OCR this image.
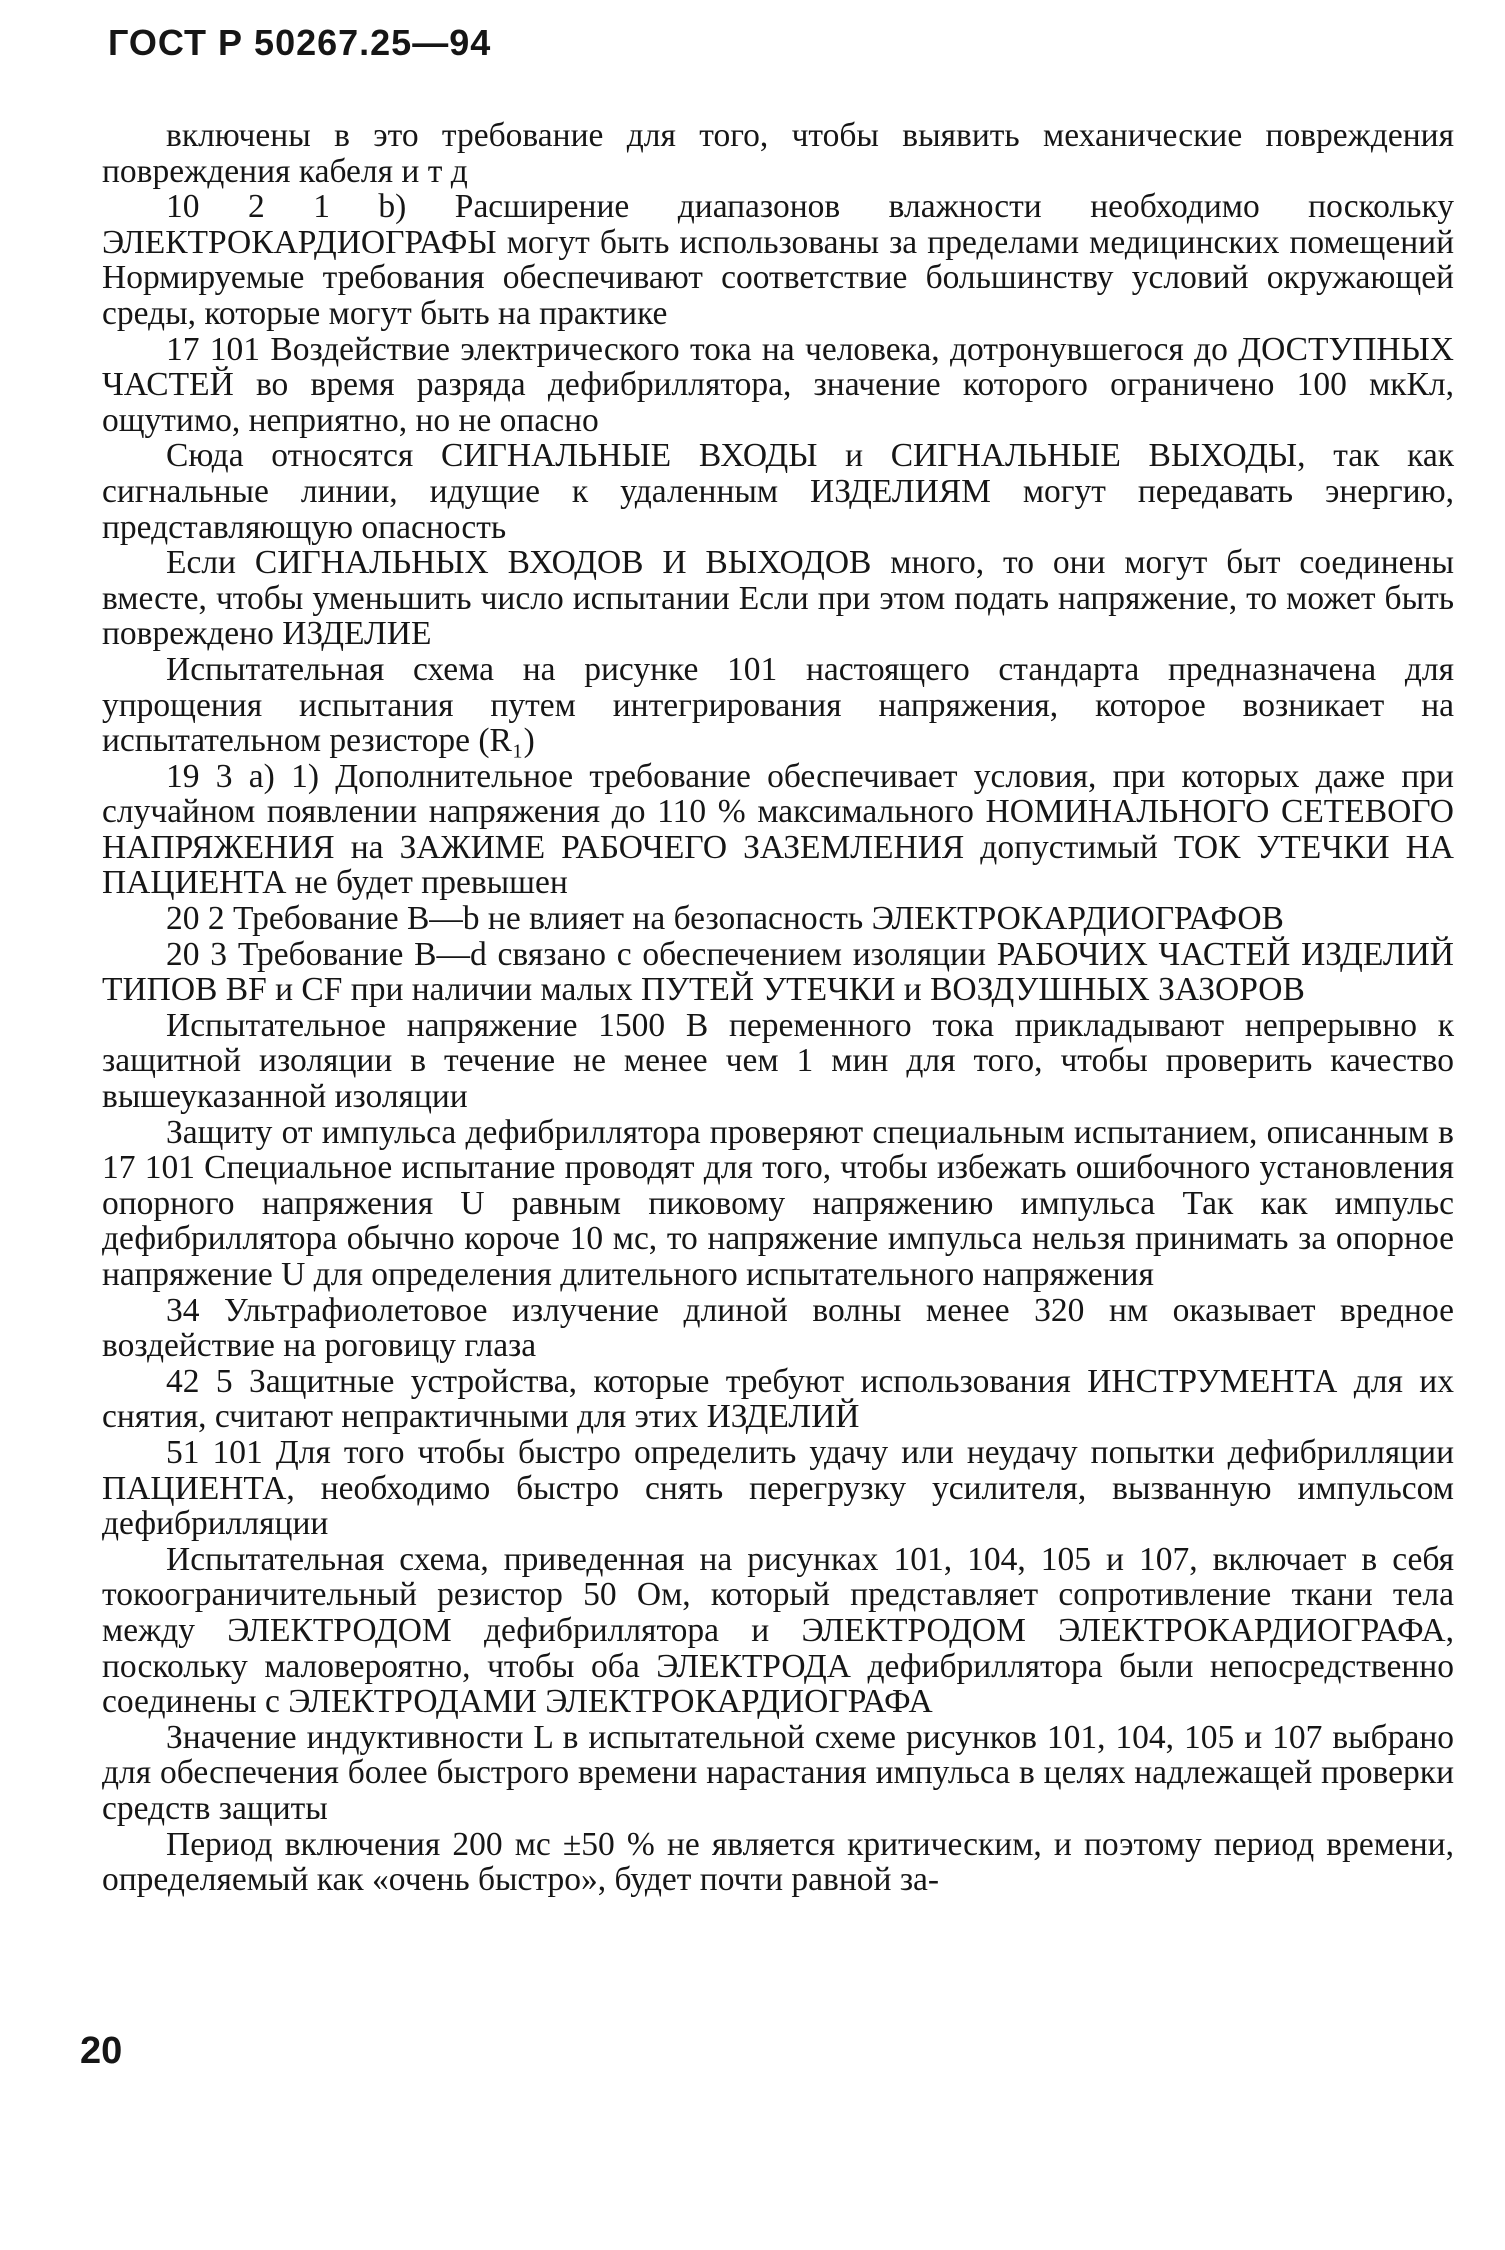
ГОСТ Р 50267.25—94

включены в это требование для того, чтобы выявить механические повреждения повреждения кабеля и т д

10 2 1 b) Расширение диапазонов влажности необходимо поскольку ЭЛЕКТРОКАРДИОГРАФЫ могут быть использованы за пределами медицинских помещений Нормируемые требования обеспечивают соответствие большинству условий окружающей среды, которые могут быть на практике

17 101 Воздействие электрического тока на человека, дотронувшегося до ДОСТУПНЫХ ЧАСТЕЙ во время разряда дефибриллятора, значение которого ограничено 100 мкКл, ощутимо, неприятно, но не опасно

Сюда относятся СИГНАЛЬНЫЕ ВХОДЫ и СИГНАЛЬНЫЕ ВЫХОДЫ, так как сигнальные линии, идущие к удаленным ИЗДЕЛИЯМ могут передавать энергию, представляющую опасность

Если СИГНАЛЬНЫХ ВХОДОВ И ВЫХОДОВ много, то они могут быт соединены вместе, чтобы уменьшить число испытании Если при этом подать напряжение, то может быть повреждено ИЗДЕЛИЕ

Испытательная схема на рисунке 101 настоящего стандарта предназначена для упрощения испытания путем интегрирования напряжения, которое возникает на испытательном резисторе (R₁)

19 3 а) 1) Дополнительное требование обеспечивает условия, при которых даже при случайном появлении напряжения до 110 % максимального НОМИНАЛЬНОГО СЕТЕВОГО НАПРЯЖЕНИЯ на ЗАЖИМЕ РАБОЧЕГО ЗАЗЕМЛЕНИЯ допустимый ТОК УТЕЧКИ НА ПАЦИЕНТА не будет превышен

20 2 Требование B—b не влияет на безопасность ЭЛЕКТРОКАРДИОГРАФОВ

20 3 Требование B—d связано с обеспечением изоляции РАБОЧИХ ЧАСТЕЙ ИЗДЕЛИЙ ТИПОВ BF и CF при наличии малых ПУТЕЙ УТЕЧКИ и ВОЗДУШНЫХ ЗАЗОРОВ

Испытательное напряжение 1500 В переменного тока прикладывают непрерывно к защитной изоляции в течение не менее чем 1 мин для того, чтобы проверить качество вышеуказанной изоляции

Защиту от импульса дефибриллятора проверяют специальным испытанием, описанным в 17 101 Специальное испытание проводят для того, чтобы избежать ошибочного установления опорного напряжения U равным пиковому напряжению импульса Так как импульс дефибриллятора обычно короче 10 мс, то напряжение импульса нельзя принимать за опорное напряжение U для определения длительного испытательного напряжения

34 Ультрафиолетовое излучение длиной волны менее 320 нм оказывает вредное воздействие на роговицу глаза

42 5 Защитные устройства, которые требуют использования ИНСТРУМЕНТА для их снятия, считают непрактичными для этих ИЗДЕЛИЙ

51 101 Для того чтобы быстро определить удачу или неудачу попытки дефибрилляции ПАЦИЕНТА, необходимо быстро снять перегрузку усилителя, вызванную импульсом дефибрилляции

Испытательная схема, приведенная на рисунках 101, 104, 105 и 107, включает в себя токоограничительный резистор 50 Ом, который представляет сопротивление ткани тела между ЭЛЕКТРОДОМ дефибриллятора и ЭЛЕКТРОДОМ ЭЛЕКТРОКАРДИОГРАФА, поскольку маловероятно, чтобы оба ЭЛЕКТРОДА дефибриллятора были непосредственно соединены с ЭЛЕКТРОДАМИ ЭЛЕКТРОКАРДИОГРАФА

Значение индуктивности L в испытательной схеме рисунков 101, 104, 105 и 107 выбрано для обеспечения более быстрого времени нарастания импульса в целях надлежащей проверки средств защиты

Период включения 200 мс ±50 % не является критическим, и поэтому период времени, определяемый как «очень быстро», будет почти равной за-

20
